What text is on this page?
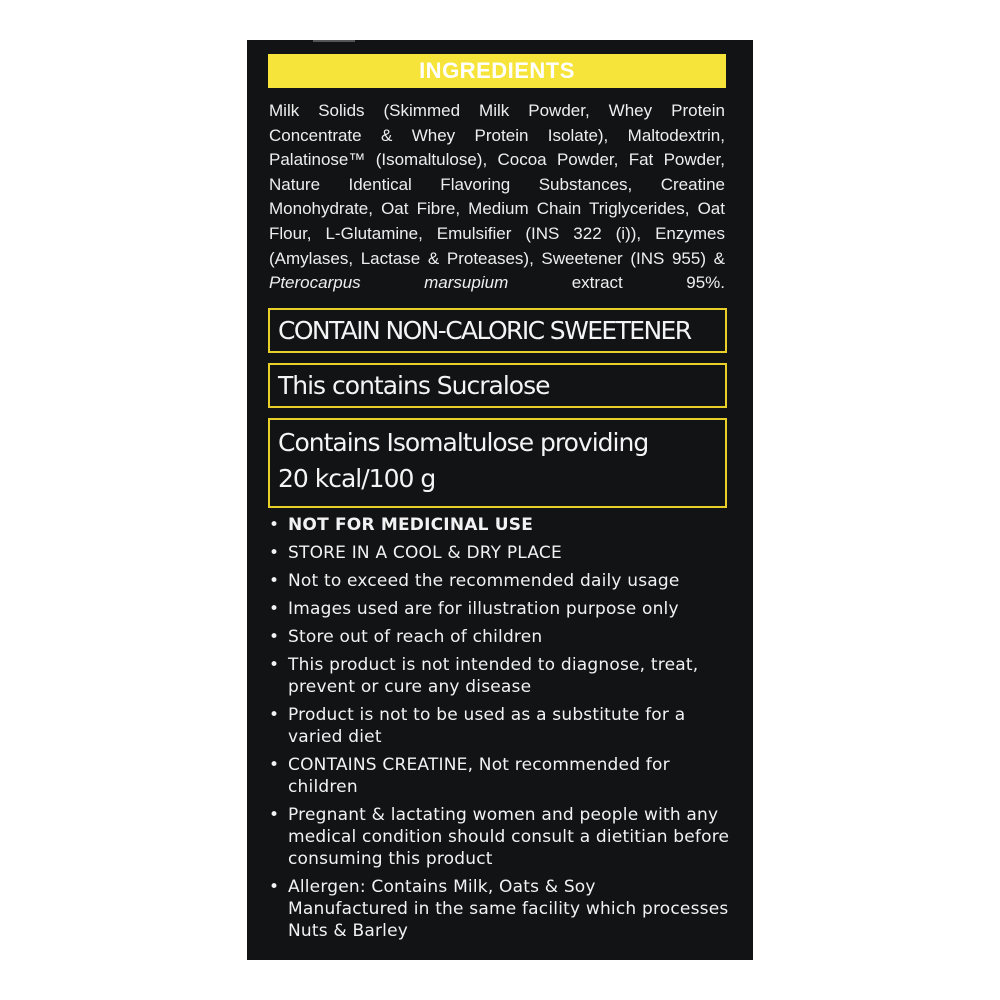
INGREDIENTS
Milk Solids (Skimmed Milk Powder, Whey Protein Concentrate & Whey Protein Isolate), Maltodextrin, Palatinose™ (Isomaltulose), Cocoa Powder, Fat Powder, Nature Identical Flavoring Substances, Creatine Monohydrate, Oat Fibre, Medium Chain Triglycerides, Oat Flour, L-Glutamine, Emulsifier (INS 322 (i)), Enzymes (Amylases, Lactase & Proteases), Sweetener (INS 955) & Pterocarpus marsupium extract 95%.
CONTAIN NON-CALORIC SWEETENER
This contains Sucralose
Contains Isomaltulose providing
20 kcal/100 g
• NOT FOR MEDICINAL USE
• STORE IN A COOL & DRY PLACE
• Not to exceed the recommended daily usage
• Images used are for illustration purpose only
• Store out of reach of children
• This product is not intended to diagnose, treat, prevent or cure any disease
• Product is not to be used as a substitute for a varied diet
• CONTAINS CREATINE, Not recommended for children
• Pregnant & lactating women and people with any medical condition should consult a dietitian before consuming this product
• Allergen: Contains Milk, Oats & Soy
Manufactured in the same facility which processes Nuts & Barley
